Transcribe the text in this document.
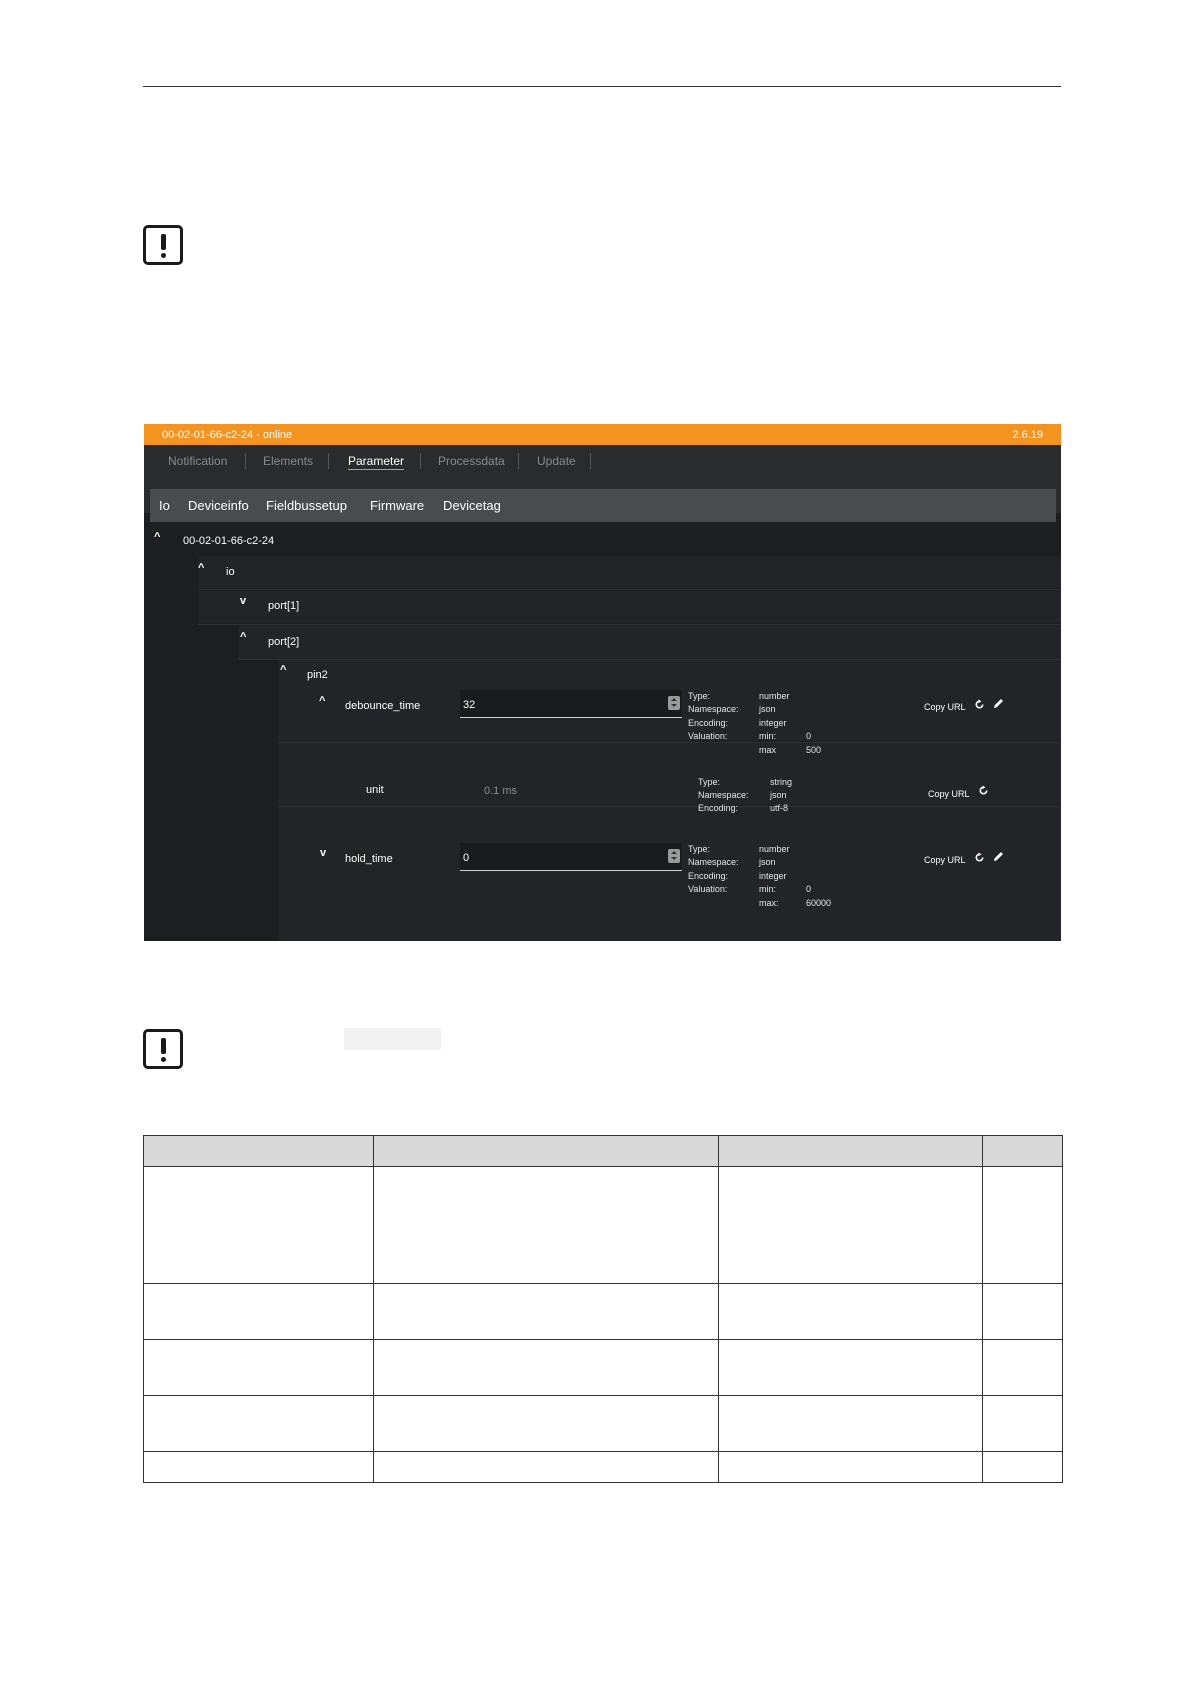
00-02-01-66-c2-24 - online	2.6.19
Notification	Elements	Parameter	Processdata	Update
Io Deviceinfo Fieldbussetup Firmware Devicetag
^ 00-02-01-66-c2-24
^ io
v port[1]
^ port[2]
^ pin2
^ debounce_time	32
Type:	number
Namespace: json
Encoding:	integer
Valuation:	min:	0
max	500
Copy URL
unit	0.1 ms
Type:	string
Namespace: json
Encoding:	utf-8
Copy URL
v hold_time	0
Type:	number
Namespace: json
Encoding:	integer
Valuation:	min:	0
max:	60000
Copy URL
